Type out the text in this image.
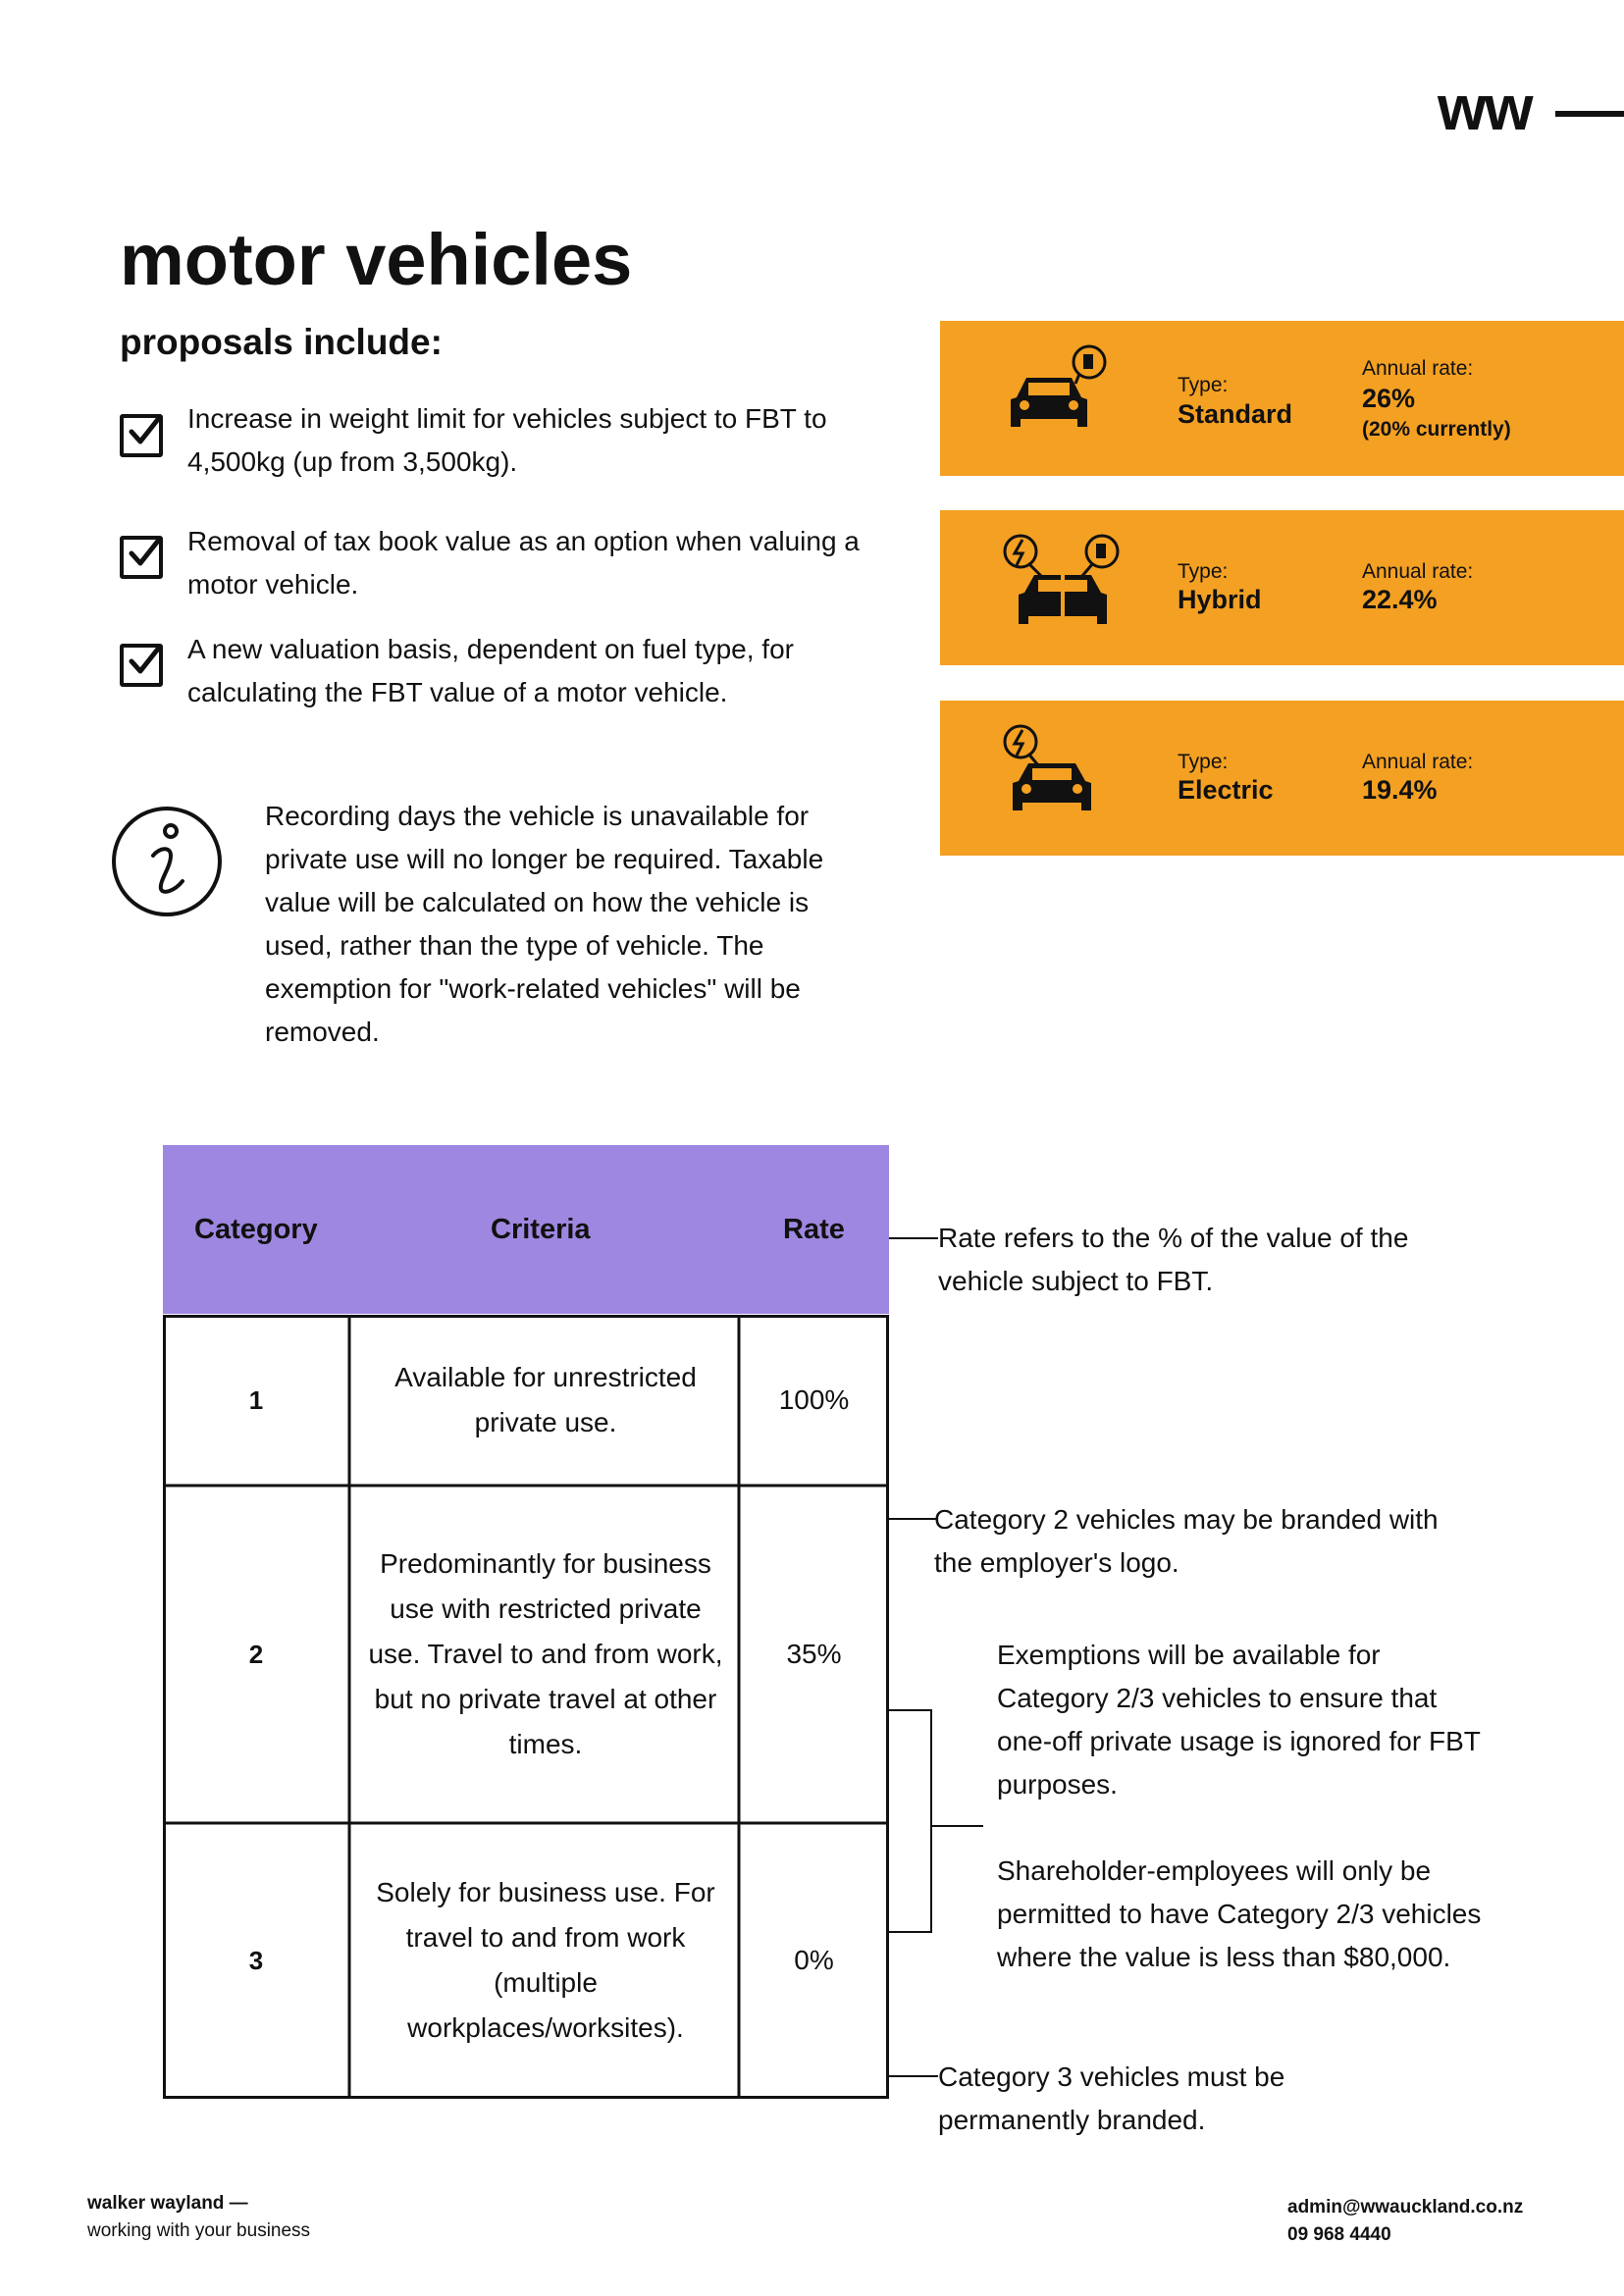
ww
motor vehicles
proposals include:
Increase in weight limit for vehicles subject to FBT to 4,500kg (up from 3,500kg).
Removal of tax book value as an option when valuing a motor vehicle.
A new valuation basis, dependent on fuel type, for calculating the FBT value of a motor vehicle.
Recording days the vehicle is unavailable for private use will no longer be required. Taxable value will be calculated on how the vehicle is used, rather than the type of vehicle. The exemption for "work-related vehicles" will be removed.
Type:
Standard
Annual rate:
26%
(20% currently)
Type:
Hybrid
Annual rate:
22.4%
Type:
Electric
Annual rate:
19.4%
Category	Criteria	Rate
1
Available for unrestricted private use.
100%
2
Predominantly for business use with restricted private use. Travel to and from work, but no private travel at other times.
35%
3
Solely for business use. For travel to and from work (multiple workplaces/worksites).
0%
Rate refers to the % of the value of the vehicle subject to FBT.
Category 2 vehicles may be branded with the employer's logo.
Exemptions will be available for Category 2/3 vehicles to ensure that one-off private usage is ignored for FBT purposes.
Shareholder-employees will only be permitted to have Category 2/3 vehicles where the value is less than $80,000.
Category 3 vehicles must be permanently branded.
walker wayland —
working with your business
admin@wwauckland.co.nz
09 968 4440
